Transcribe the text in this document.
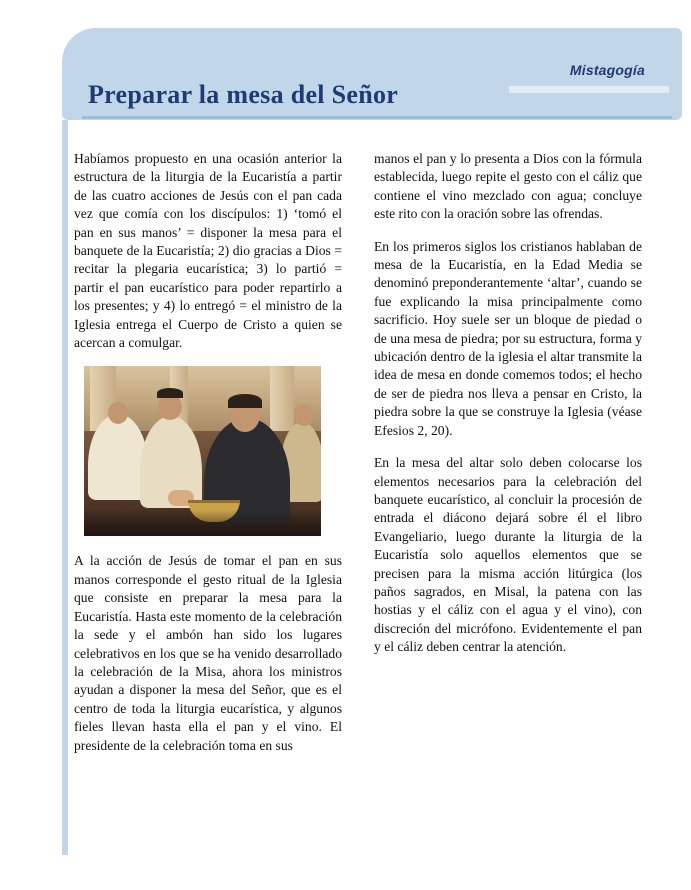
Mistagogía
Preparar la mesa del Señor

Habíamos propuesto en una ocasión anterior la estructura de la liturgia de la Eucaristía a partir de las cuatro acciones de Jesús con el pan cada vez que comía con los discípulos: 1) ‘tomó el pan en sus manos’ = disponer la mesa para el banquete de la Eucaristía; 2) dio gracias a Dios = recitar la plegaria eucarística; 3) lo partió = partir el pan eucarístico para poder repartirlo a los presentes; y 4) lo entregó = el ministro de la Iglesia entrega el Cuerpo de Cristo a quien se acercan a comulgar.

A la acción de Jesús de tomar el pan en sus manos corresponde el gesto ritual de la Iglesia que consiste en preparar la mesa para la Eucaristía. Hasta este momento de la celebración la sede y el ambón han sido los lugares celebrativos en los que se ha venido desarrollado la celebración de la Misa, ahora los ministros ayudan a disponer la mesa del Señor, que es el centro de toda la liturgia eucarística, y algunos fieles llevan hasta ella el pan y el vino. El presidente de la celebración toma en sus

manos el pan y lo presenta a Dios con la fórmula establecida, luego repite el gesto con el cáliz que contiene el vino mezclado con agua; concluye este rito con la oración sobre las ofrendas.

En los primeros siglos los cristianos hablaban de mesa de la Eucaristía, en la Edad Media se denominó preponderantemente ‘altar’, cuando se fue explicando la misa principalmente como sacrificio. Hoy suele ser un bloque de piedad o de una mesa de piedra; por su estructura, forma y ubicación dentro de la iglesia el altar transmite la idea de mesa en donde comemos todos; el hecho de ser de piedra nos lleva a pensar en Cristo, la piedra sobre la que se construye la Iglesia (véase Efesios 2, 20).

En la mesa del altar solo deben colocarse los elementos necesarios para la celebración del banquete eucarístico, al concluir la procesión de entrada el diácono dejará sobre él el libro Evangeliario, luego durante la liturgia de la Eucaristía solo aquellos elementos que se precisen para la misma acción litúrgica (los paños sagrados, en Misal, la patena con las hostias y el cáliz con el agua y el vino), con discreción del micrófono. Evidentemente el pan y el cáliz deben centrar la atención.
